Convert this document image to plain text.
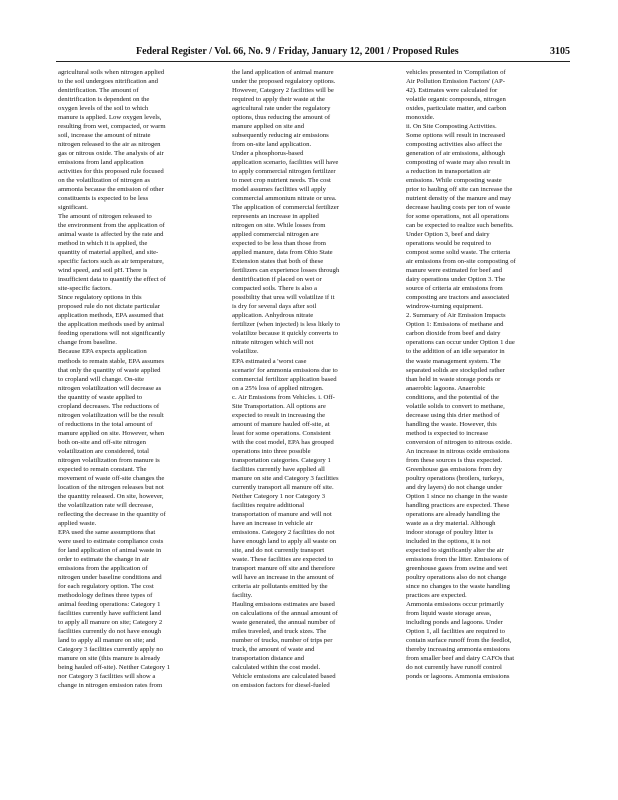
Federal Register / Vol. 66, No. 9 / Friday, January 12, 2001 / Proposed Rules	3105

agricultural soils when nitrogen applied

to the soil undergoes nitrification and

denitrification. The amount of

denitrification is dependent on the

oxygen levels of the soil to which

manure is applied. Low oxygen levels,

resulting from wet, compacted, or warm

soil, increase the amount of nitrate

nitrogen released to the air as nitrogen

gas or nitrous oxide. The analysis of air

emissions from land application

activities for this proposed rule focused

on the volatilization of nitrogen as

ammonia because the emission of other

constituents is expected to be less

significant.

The amount of nitrogen released to

the environment from the application of

animal waste is affected by the rate and

method in which it is applied, the

quantity of material applied, and site-

specific factors such as air temperature,

wind speed, and soil pH. There is

insufficient data to quantify the effect of

site-specific factors.

Since regulatory options in this

proposed rule do not dictate particular

application methods, EPA assumed that

the application methods used by animal

feeding operations will not significantly

change from baseline.

Because EPA expects application

methods to remain stable, EPA assumes

that only the quantity of waste applied

to cropland will change. On-site

nitrogen volatilization will decrease as

the quantity of waste applied to

cropland decreases. The reductions of

nitrogen volatilization will be the result

of reductions in the total amount of

manure applied on site. However, when

both on-site and off-site nitrogen

volatilization are considered, total

nitrogen volatilization from manure is

expected to remain constant. The

movement of waste off-site changes the

location of the nitrogen releases but not

the quantity released. On site, however,

the volatilization rate will decrease,

reflecting the decrease in the quantity of

applied waste.

EPA used the same assumptions that

were used to estimate compliance costs

for land application of animal waste in

order to estimate the change in air

emissions from the application of

nitrogen under baseline conditions and

for each regulatory option. The cost

methodology defines three types of

animal feeding operations: Category 1

facilities currently have sufficient land

to apply all manure on site; Category 2

facilities currently do not have enough

land to apply all manure on site; and

Category 3 facilities currently apply no

manure on site (this manure is already

being hauled off-site). Neither Category 1

nor Category 3 facilities will show a

change in nitrogen emission rates from

the land application of animal manure

under the proposed regulatory options.

However, Category 2 facilities will be

required to apply their waste at the

agricultural rate under the regulatory

options, thus reducing the amount of

manure applied on site and

subsequently reducing air emissions

from on-site land application.

Under a phosphorus-based

application scenario, facilities will have

to apply commercial nitrogen fertilizer

to meet crop nutrient needs. The cost

model assumes facilities will apply

commercial ammonium nitrate or urea.

The application of commercial fertilizer

represents an increase in applied

nitrogen on site. While losses from

applied commercial nitrogen are

expected to be less than those from

applied manure, data from Ohio State

Extension states that both of these

fertilizers can experience losses through

denitrification if placed on wet or

compacted soils. There is also a

possibility that urea will volatilize if it

is dry for several days after soil

application. Anhydrous nitrate

fertilizer (when injected) is less likely to

volatilize because it quickly converts to

nitrate nitrogen which will not

volatilize.

EPA estimated a 'worst case

scenario' for ammonia emissions due to

commercial fertilizer application based

on a 25% loss of applied nitrogen.

c. Air Emissions from Vehicles. i. Off-

Site Transportation. All options are

expected to result in increasing the

amount of manure hauled off-site, at

least for some operations. Consistent

with the cost model, EPA has grouped

operations into three possible

transportation categories. Category 1

facilities currently have applied all

manure on site and Category 3 facilities

currently transport all manure off site.

Neither Category 1 nor Category 3

facilities require additional

transportation of manure and will not

have an increase in vehicle air

emissions. Category 2 facilities do not

have enough land to apply all waste on

site, and do not currently transport

waste. These facilities are expected to

transport manure off site and therefore

will have an increase in the amount of

criteria air pollutants emitted by the

facility.

Hauling emissions estimates are based

on calculations of the annual amount of

waste generated, the annual number of

miles traveled, and truck sizes. The

number of trucks, number of trips per

truck, the amount of waste and

transportation distance and

calculated within the cost model.

Vehicle emissions are calculated based

on emission factors for diesel-fueled

vehicles presented in 'Compilation of

Air Pollution Emission Factors' (AP-

42). Estimates were calculated for

volatile organic compounds, nitrogen

oxides, particulate matter, and carbon

monoxide.

ii. On Site Composting Activities.

Some options will result in increased

composting activities also affect the

generation of air emissions, although

composting of waste may also result in

a reduction in transportation air

emissions. While composting waste

prior to hauling off site can increase the

nutrient density of the manure and may

decrease hauling costs per ton of waste

for some operations, not all operations

can be expected to realize such benefits.

Under Option 3, beef and dairy

operations would be required to

compost some solid waste. The criteria

air emissions from on-site composting of

manure were estimated for beef and

dairy operations under Option 3. The

source of criteria air emissions from

composting are tractors and associated

windrow-turning equipment.

2. Summary of Air Emission Impacts

Option 1: Emissions of methane and

carbon dioxide from beef and dairy

operations can occur under Option 1 due

to the addition of an idle separator in

the waste management system. The

separated solids are stockpiled rather

than held in waste storage ponds or

anaerobic lagoons. Anaerobic

conditions, and the potential of the

volatile solids to convert to methane,

decrease using this drier method of

handling the waste. However, this

method is expected to increase

conversion of nitrogen to nitrous oxide.

An increase in nitrous oxide emissions

from these sources is thus expected.

Greenhouse gas emissions from dry

poultry operations (broilers, turkeys,

and dry layers) do not change under

Option 1 since no change in the waste

handling practices are expected. These

operations are already handling the

waste as a dry material. Although

indoor storage of poultry litter is

included in the options, it is not

expected to significantly alter the air

emissions from the litter. Emissions of

greenhouse gases from swine and wet

poultry operations also do not change

since no changes to the waste handling

practices are expected.

Ammonia emissions occur primarily

from liquid waste storage areas,

including ponds and lagoons. Under

Option 1, all facilities are required to

contain surface runoff from the feedlot,

thereby increasing ammonia emissions

from smaller beef and dairy CAFOs that

do not currently have runoff control

ponds or lagoons. Ammonia emissions
